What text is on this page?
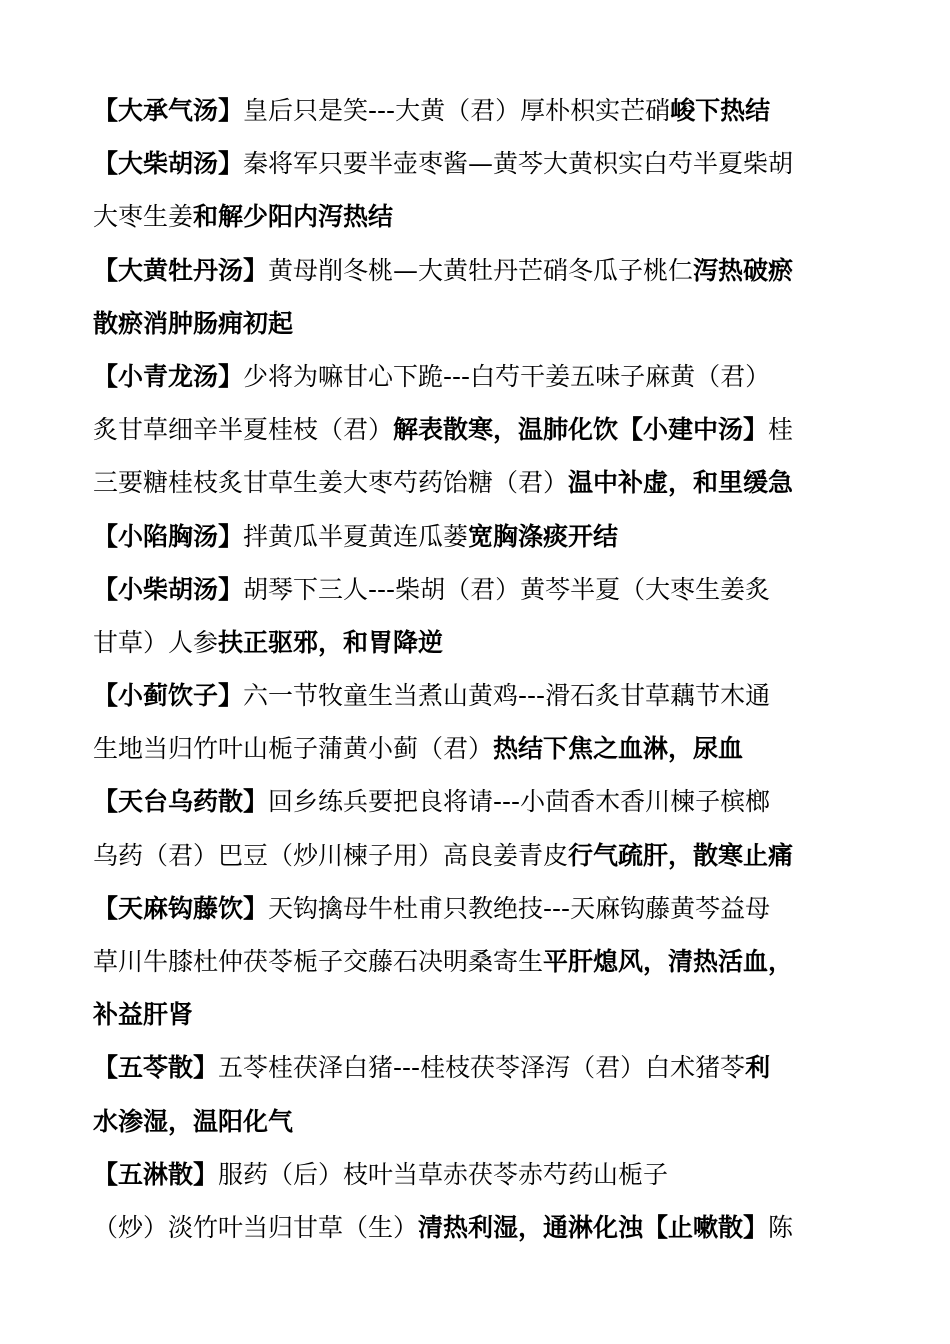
【大承气汤】皇后只是笑---大黄（君）厚朴枳实芒硝峻下热结
【大柴胡汤】秦将军只要半壶枣酱—黄芩大黄枳实白芍半夏柴胡
大枣生姜和解少阳内泻热结
【大黄牡丹汤】黄母削冬桃—大黄牡丹芒硝冬瓜子桃仁泻热破瘀
散瘀消肿肠痈初起
【小青龙汤】少将为嘛甘心下跪---白芍干姜五味子麻黄（君）
炙甘草细辛半夏桂枝（君）解表散寒，温肺化饮【小建中汤】桂
三要糖桂枝炙甘草生姜大枣芍药饴糖（君）温中补虚，和里缓急
【小陷胸汤】拌黄瓜半夏黄连瓜蒌宽胸涤痰开结
【小柴胡汤】胡琴下三人---柴胡（君）黄芩半夏（大枣生姜炙
甘草）人参扶正驱邪，和胃降逆
【小蓟饮子】六一节牧童生当煮山黄鸡---滑石炙甘草藕节木通
生地当归竹叶山栀子蒲黄小蓟（君）热结下焦之血淋，尿血
【天台乌药散】回乡练兵要把良将请---小茴香木香川楝子槟榔
乌药（君）巴豆（炒川楝子用）高良姜青皮行气疏肝，散寒止痛
【天麻钩藤饮】天钩擒母牛杜甫只教绝技---天麻钩藤黄芩益母
草川牛膝杜仲茯苓栀子交藤石决明桑寄生平肝熄风，清热活血，
补益肝肾
【五苓散】五苓桂茯泽白猪---桂枝茯苓泽泻（君）白术猪苓利
水渗湿，温阳化气
【五淋散】服药（后）枝叶当草赤茯苓赤芍药山栀子
（炒）淡竹叶当归甘草（生）清热利湿，通淋化浊【止嗽散】陈
